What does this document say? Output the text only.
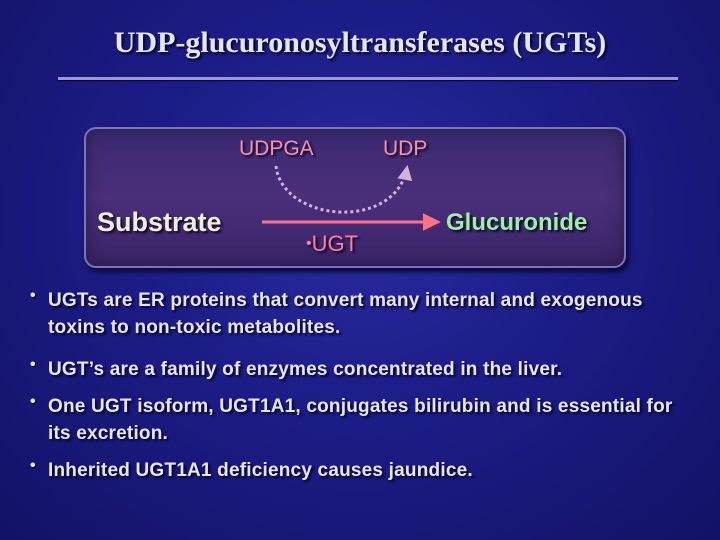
UDP-glucuronosyltransferases (UGTs)
UDPGA	UDP
Substrate	Glucuronide
•UGT
• UGTs are ER proteins that convert many internal and exogenous toxins to non-toxic metabolites.
• UGT’s are a family of enzymes concentrated in the liver.
• One UGT isoform, UGT1A1, conjugates bilirubin and is essential for its excretion.
• Inherited UGT1A1 deficiency causes jaundice.
